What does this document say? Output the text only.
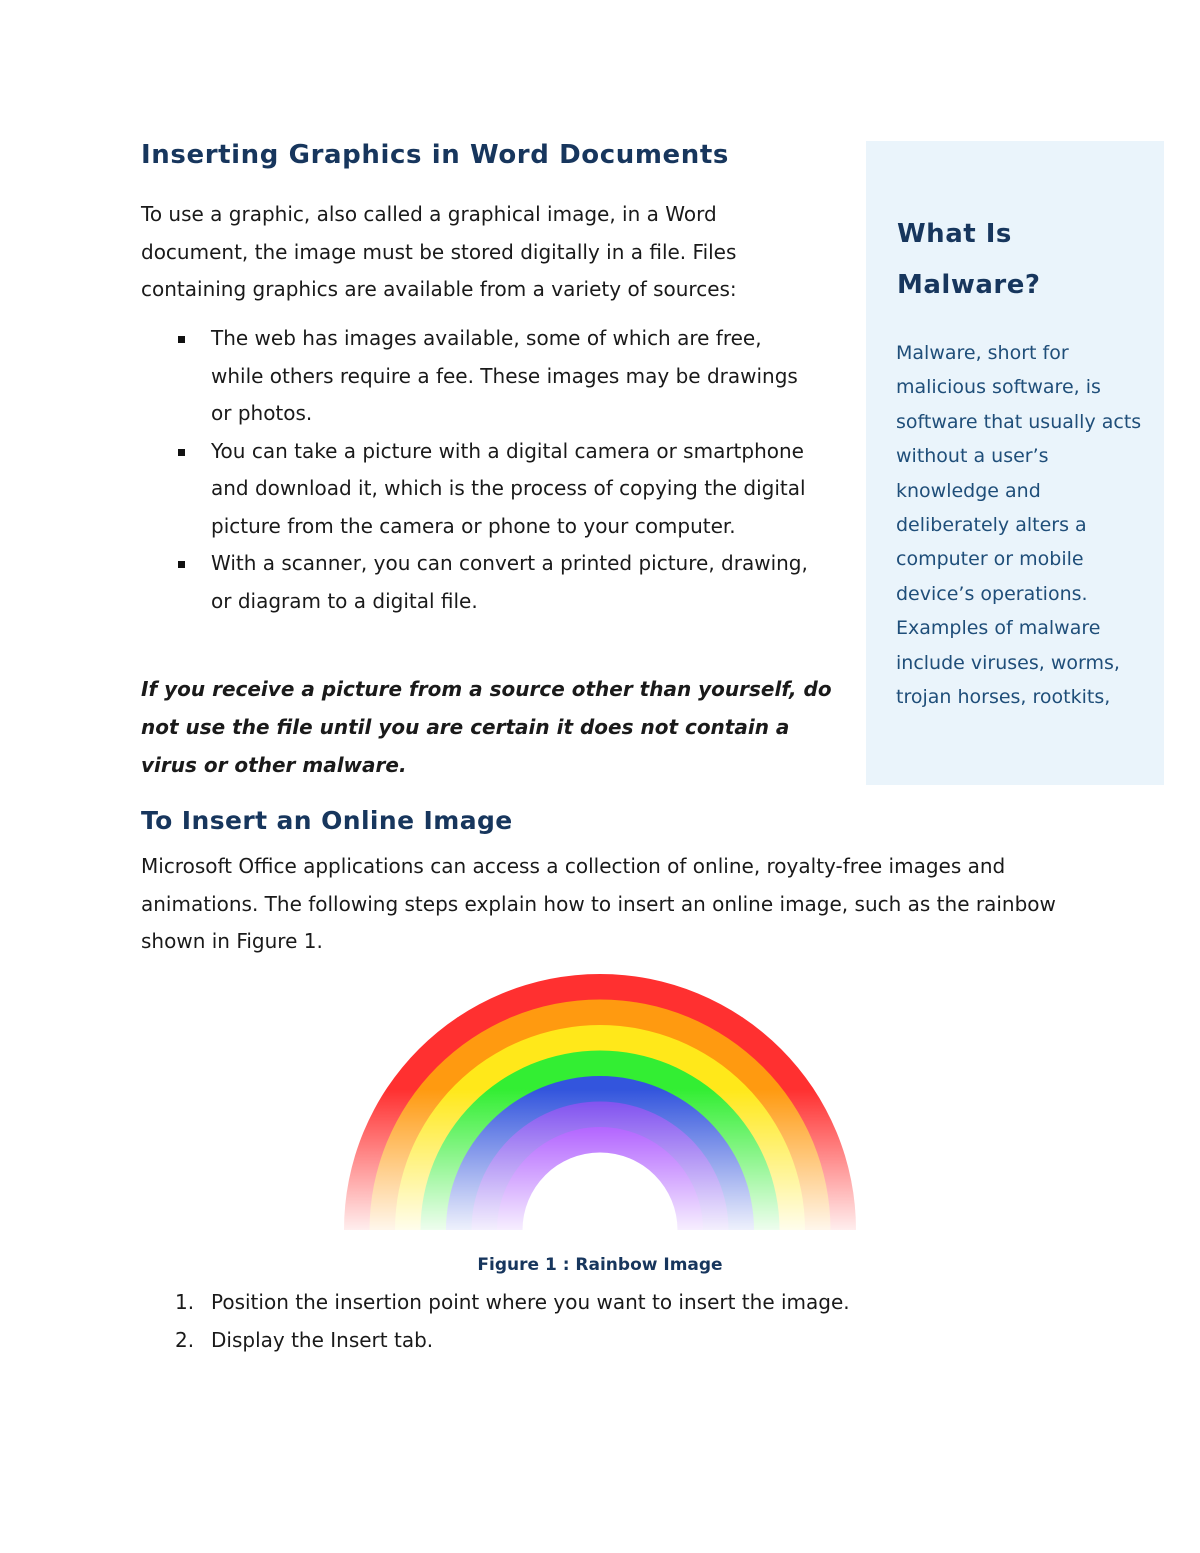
Inserting Graphics in Word Documents

To use a graphic, also called a graphical image, in a Word document, the image must be stored digitally in a file. Files containing graphics are available from a variety of sources:

The web has images available, some of which are free, while others require a fee. These images may be drawings or photos.
You can take a picture with a digital camera or smartphone and download it, which is the process of copying the digital picture from the camera or phone to your computer.
With a scanner, you can convert a printed picture, drawing, or diagram to a digital file.

If you receive a picture from a source other than yourself, do not use the file until you are certain it does not contain a virus or other malware.

To Insert an Online Image

Microsoft Office applications can access a collection of online, royalty-free images and animations. The following steps explain how to insert an online image, such as the rainbow shown in Figure 1.

What Is Malware?

Malware, short for malicious software, is software that usually acts without a user’s knowledge and deliberately alters a computer or mobile device’s operations. Examples of malware include viruses, worms, trojan horses, rootkits,

Figure 1 : Rainbow Image

1. Position the insertion point where you want to insert the image.
2. Display the Insert tab.
